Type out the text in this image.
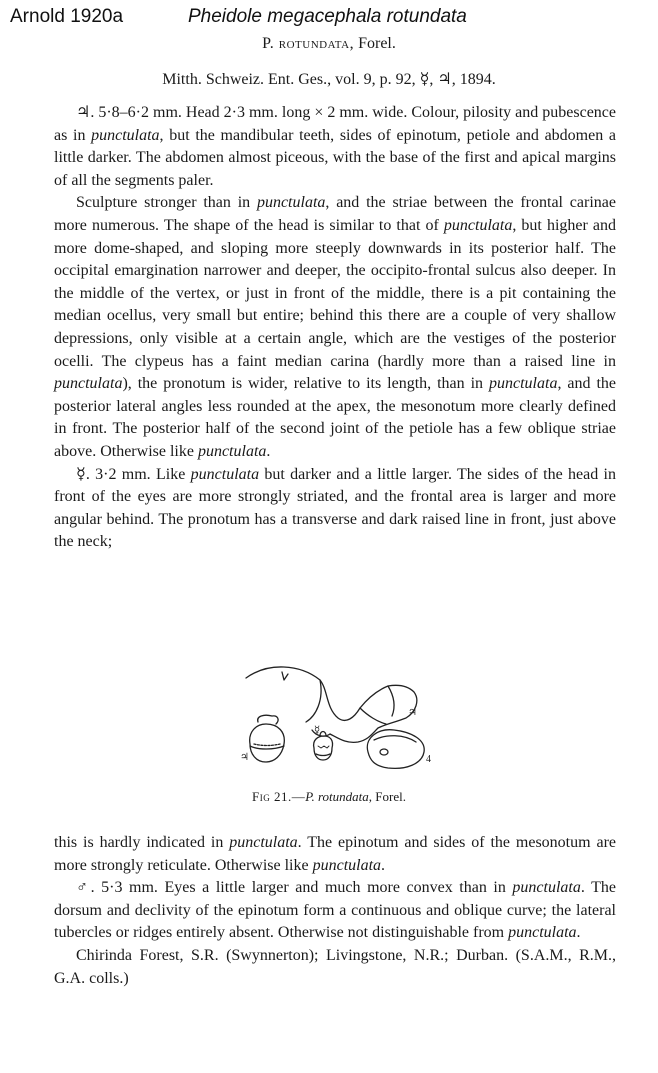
Arnold 1920a	Pheidole megacephala rotundata
P. rotundata, Forel.
Mitth. Schweiz. Ent. Ges., vol. 9, p. 92, ☿, ♃, 1894.

♃. 5·8–6·2 mm. Head 2·3 mm. long × 2 mm. wide. Colour, pilosity and pubescence as in punctulata, but the mandibular teeth, sides of epinotum, petiole and abdomen a little darker. The abdomen almost piceous, with the base of the first and apical margins of all the segments paler.

Sculpture stronger than in punctulata, and the striae between the frontal carinae more numerous. The shape of the head is similar to that of punctulata, but higher and more dome-shaped, and sloping more steeply downwards in its posterior half. The occipital emargination narrower and deeper, the occipito-frontal sulcus also deeper. In the middle of the vertex, or just in front of the middle, there is a pit containing the median ocellus, very small but entire; behind this there are a couple of very shallow depressions, only visible at a certain angle, which are the vestiges of the posterior ocelli. The clypeus has a faint median carina (hardly more than a raised line in punctulata), the pronotum is wider, relative to its length, than in punctulata, and the posterior lateral angles less rounded at the apex, the mesonotum more clearly defined in front. The posterior half of the second joint of the petiole has a few oblique striae above. Otherwise like punctulata.

☿. 3·2 mm. Like punctulata but darker and a little larger. The sides of the head in front of the eyes are more strongly striated, and the frontal area is larger and more angular behind. The pronotum has a transverse and dark raised line in front, just above the neck;

♃
♃
☿
4
Fig 21.—P. rotundata, Forel.

this is hardly indicated in punctulata. The epinotum and sides of the mesonotum are more strongly reticulate. Otherwise like punctulata.

♂. 5·3 mm. Eyes a little larger and much more convex than in punctulata. The dorsum and declivity of the epinotum form a continuous and oblique curve; the lateral tubercles or ridges entirely absent. Otherwise not distinguishable from punctulata.

Chirinda Forest, S.R. (Swynnerton); Livingstone, N.R.; Durban. (S.A.M., R.M., G.A. colls.)
